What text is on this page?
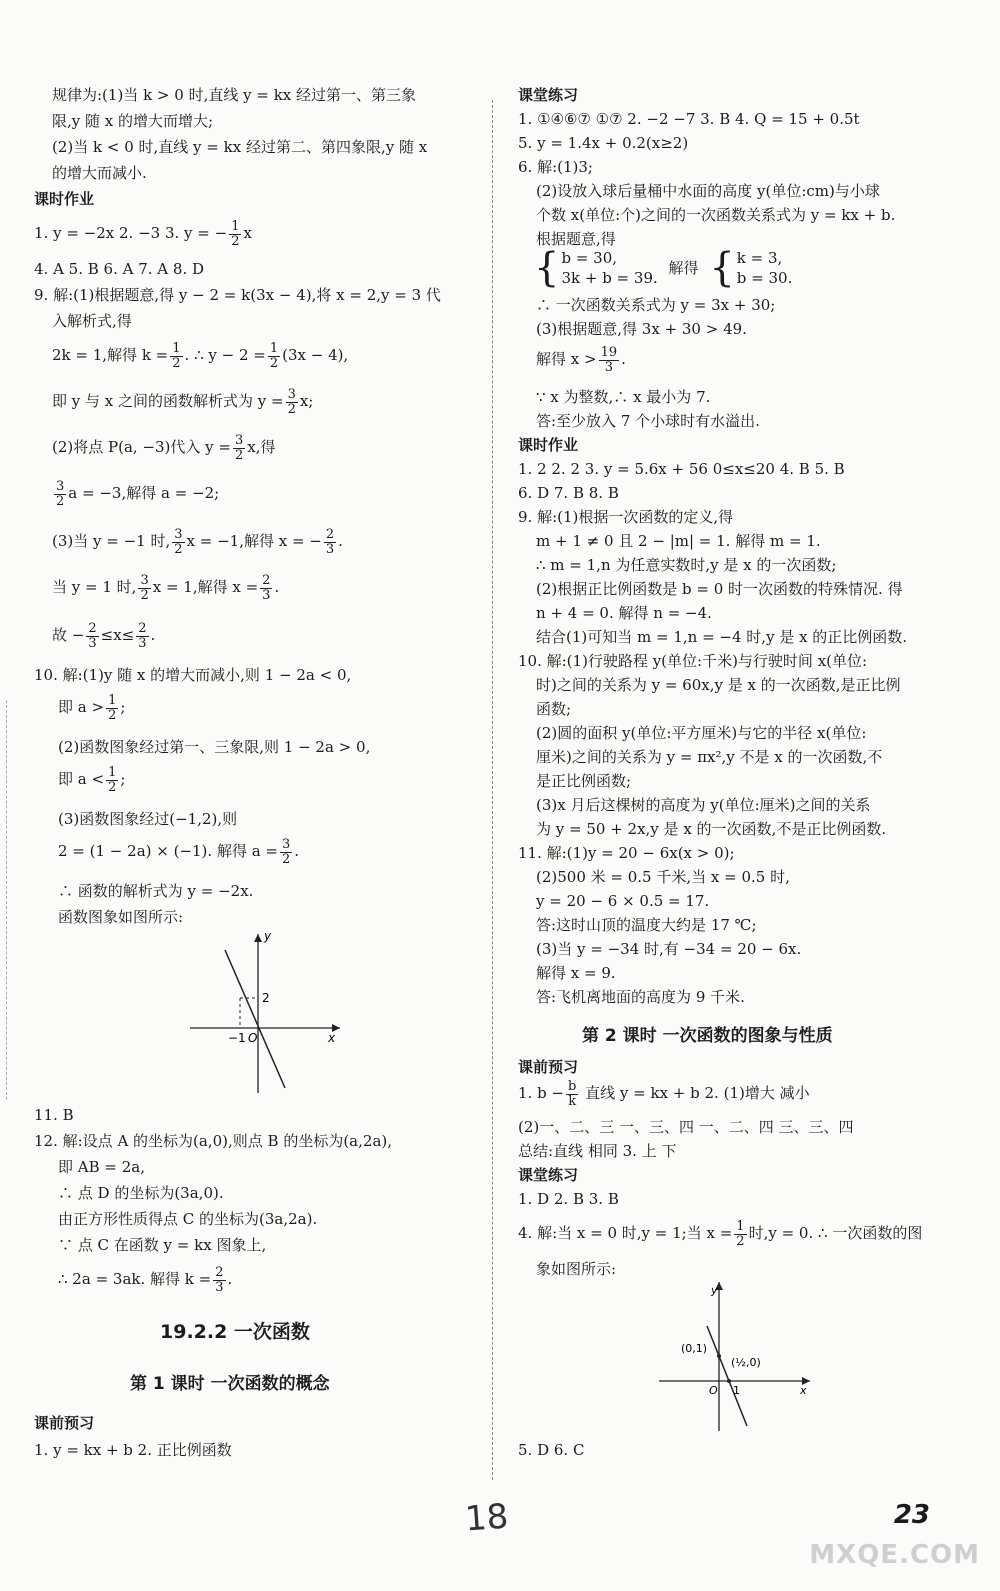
规律为:(1)当 k > 0 时,直线 y = kx 经过第一、第三象
限,y 随 x 的增大而增大;
(2)当 k < 0 时,直线 y = kx 经过第二、第四象限,y 随 x
的增大而减小.
课时作业
1. y = −2x 2. −3 3. y = − $\frac{1}{2}$ x
4. A 5. B 6. A 7. A 8. D
9. 解:(1)根据题意,得 y − 2 = k(3x − 4),将 x = 2,y = 3 代
入解析式,得
2k = 1,解得 $k = \frac{1}{2}$ . ∴ $y - 2 = \frac{1}{2} (3x - 4)$,
即 y 与 x 之间的函数解析式为 $y = \frac{3}{2} x$;
(2)将点 P(a, −3)代入 $y = \frac{3}{2} x$,得
$\frac{3}{2}$ a = −3,解得 a = −2;
(3)当 y = −1 时, $\frac{3}{2}$ x = −1,解得 x = − $\frac{2}{3}$ .
当 y = 1 时, $\frac{3}{2}$ x = 1,解得 $x = \frac{2}{3}$ .
故 − $\frac{2}{3} \le x\le \frac{2}{3}$ .
10. 解:(1)y 随 x 的增大而减小,则 1 − 2a < 0,
即 $a > \frac{1}{2}$ ;
(2)函数图象经过第一、三象限,则 1 − 2a > 0,
即 $a < \frac{1}{2}$ ;
(3)函数图象经过(−1,2),则
2 = (1 − 2a) × (−1). 解得 $a = \frac{3}{2}$ .
∴ 函数的解析式为 y = −2x.
函数图象如图所示:
y
x
2
−1 O
11. B
12. 解:设点 A 的坐标为(a,0),则点 B 的坐标为(a,2a),
即 AB = 2a,
∴ 点 D 的坐标为(3a,0).
由正方形性质得点 C 的坐标为(3a,2a).
∵ 点 C 在函数 y = kx 图象上,
∴ 2a = 3ak. 解得 $k = \frac{2}{3}$ .
19.2.2 一次函数
第 1 课时 一次函数的概念
课前预习
1. y = kx + b 2. 正比例函数
课堂练习
1. ①④⑥⑦ ①⑦ 2. −2 −7 3. B 4. Q = 15 + 0.5t
5. y = 1.4x + 0.2(x≥2)
6. 解:(1)3;
(2)设放入球后量桶中水面的高度 y(单位:cm)与小球
个数 x(单位:个)之间的一次函数关系式为 y = kx + b.
根据题意,得
{ b = 30,
3k + b = 39.
解得 { k = 3,
b = 30.
∴ 一次函数关系式为 y = 3x + 30;
(3)根据题意,得 3x + 30 > 49.
解得 $x > \frac{19}{3}$ .
∵ x 为整数,∴ x 最小为 7.
答:至少放入 7 个小球时有水溢出.
课时作业
1. 2 2. 2 3. y = 5.6x + 56 0≤x≤20 4. B 5. B
6. D 7. B 8. B
9. 解:(1)根据一次函数的定义,得
m + 1 ≠ 0 且 2 − |m| = 1. 解得 m = 1.
∴ m = 1,n 为任意实数时,y 是 x 的一次函数;
(2)根据正比例函数是 b = 0 时一次函数的特殊情况. 得
n + 4 = 0. 解得 n = −4.
结合(1)可知当 m = 1,n = −4 时,y 是 x 的正比例函数.
10. 解:(1)行驶路程 y(单位:千米)与行驶时间 x(单位:
时)之间的关系为 y = 60x,y 是 x 的一次函数,是正比例
函数;
(2)圆的面积 y(单位:平方厘米)与它的半径 x(单位:
厘米)之间的关系为 y = πx²,y 不是 x 的一次函数,不
是正比例函数;
(3)x 月后这棵树的高度为 y(单位:厘米)之间的关系
为 y = 50 + 2x,y 是 x 的一次函数,不是正比例函数.
11. 解:(1)y = 20 − 6x(x > 0);
(2)500 米 = 0.5 千米,当 x = 0.5 时,
y = 20 − 6 × 0.5 = 17.
答:这时山顶的温度大约是 17 ℃;
(3)当 y = −34 时,有 −34 = 20 − 6x.
解得 x = 9.
答:飞机离地面的高度为 9 千米.
第 2 课时 一次函数的图象与性质
课前预习
1. $b - \frac{b}{k}$ 直线 y = kx + b 2. (1)增大 减小
(2)一、二、三 一、三、四 一、二、四 三、三、四
总结:直线 相同 3. 上 下
课堂练习
1. D 2. B 3. B
4. 解:当 x = 0 时,y = 1;当 $x = \frac{1}{2}$ 时,y = 0. ∴ 一次函数的图
象如图所示:
y
x
(0,1)
(½,0)
O 1
5. D 6. C
18	23
MXQE.COM
